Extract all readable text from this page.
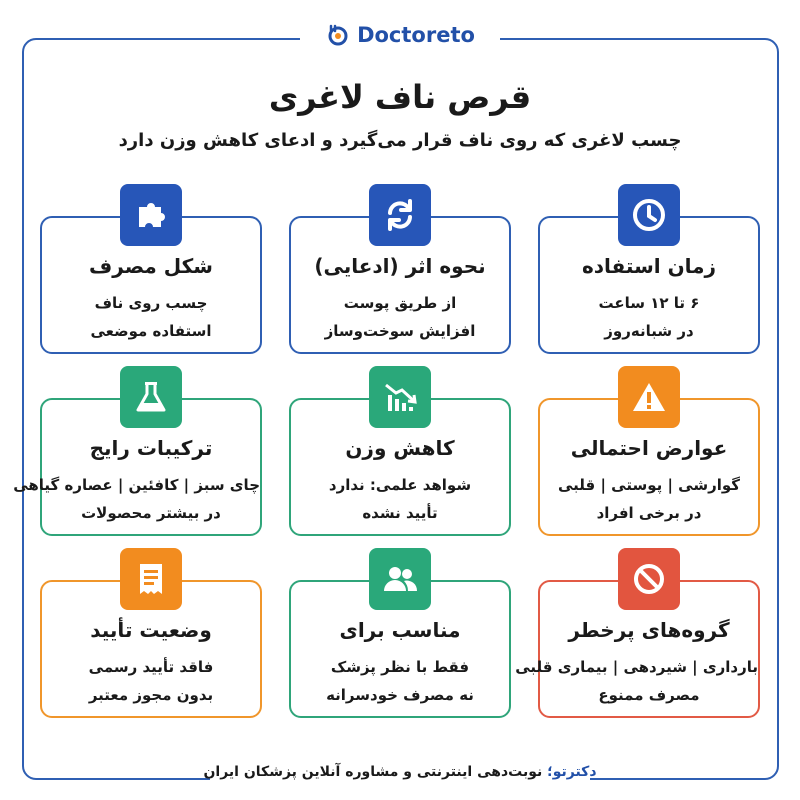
Doctoreto
قرص ناف لاغری
چسب لاغری که روی ناف قرار می‌گیرد و ادعای کاهش وزن دارد
زمان استفاده
۶ تا ۱۲ ساعت
در شبانه‌روز
نحوه اثر (ادعایی)
از طریق پوست
افزایش سوخت‌وساز
شکل مصرف
چسب روی ناف
استفاده موضعی
عوارض احتمالی
گوارشی | پوستی | قلبی
در برخی افراد
کاهش وزن
شواهد علمی: ندارد
تأیید نشده
ترکیبات رایج
چای سبز | کافئین | عصاره گیاهی
در بیشتر محصولات
گروه‌های پرخطر
بارداری | شیردهی | بیماری قلبی
مصرف ممنوع
مناسب برای
فقط با نظر پزشک
نه مصرف خودسرانه
وضعیت تأیید
فاقد تأیید رسمی
بدون مجوز معتبر
دکترتو؛ نوبت‌دهی اینترنتی و مشاوره آنلاین پزشکان ایران
